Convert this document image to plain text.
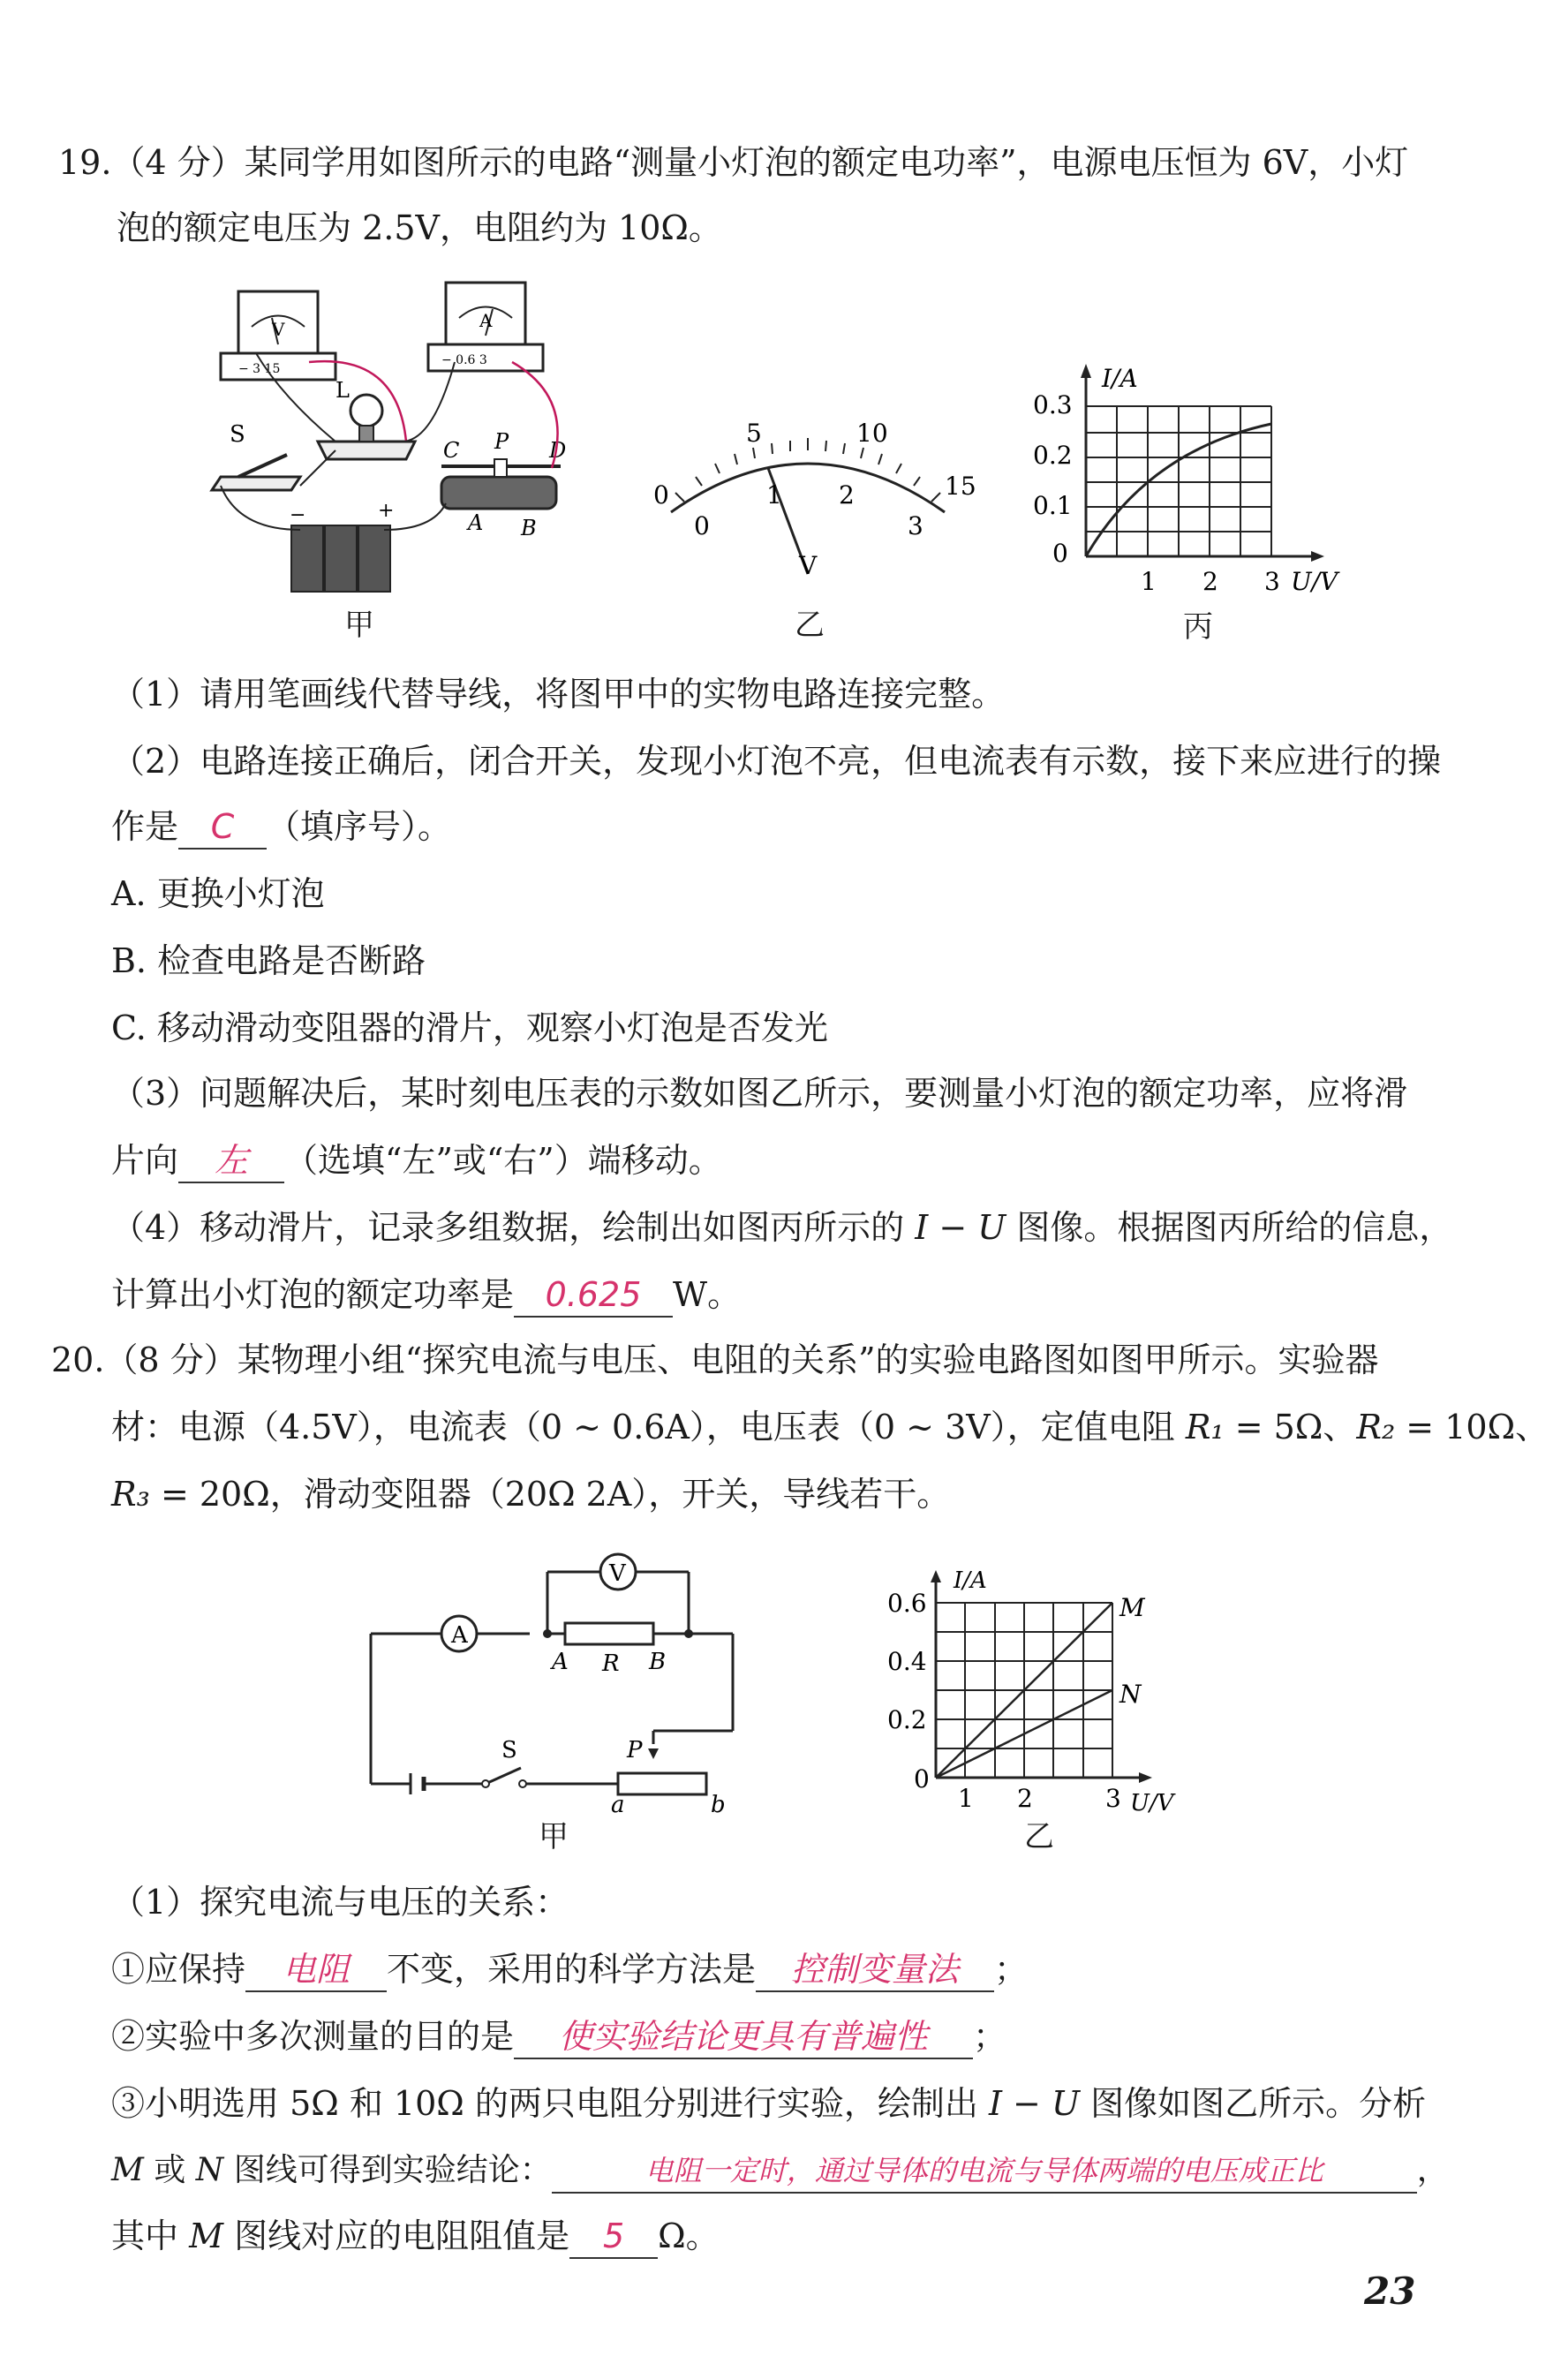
19.（4 分）某同学用如图所示的电路“测量小灯泡的额定电功率”，电源电压恒为 6V，小灯
泡的额定电压为 2.5V，电阻约为 10Ω。
V
− 3 15
A
− 0.6 3
L
S
C P D
A B
−	+
甲
0
5	10
15
0
1 2
3
V
乙
I/A
0.3
0.2
0.1
0
1 2 3 U/V
丙
（1）请用笔画线代替导线，将图甲中的实物电路连接完整。
（2）电路连接正确后，闭合开关，发现小灯泡不亮，但电流表有示数，接下来应进行的操
作是 C （填序号）。
A. 更换小灯泡
B. 检查电路是否断路
C. 移动滑动变阻器的滑片，观察小灯泡是否发光
（3）问题解决后，某时刻电压表的示数如图乙所示，要测量小灯泡的额定功率，应将滑
片向 左 （选填“左”或“右”）端移动。
（4）移动滑片，记录多组数据，绘制出如图丙所示的 I − U 图像。根据图丙所给的信息，
计算出小灯泡的额定功率是 0.625 W。
20.（8 分）某物理小组“探究电流与电压、电阻的关系”的实验电路图如图甲所示。实验器
材：电源（4.5V），电流表（0 ~ 0.6A），电压表（0 ~ 3V），定值电阻 R₁ = 5Ω、R₂ = 10Ω、
R₃ = 20Ω，滑动变阻器（20Ω 2A），开关，导线若干。
V
A
A R B
S	P
a	b
甲
I/A
0.6
0.4
0.2
0
1 2	3 U/V
M
N
乙
（1）探究电流与电压的关系：
①应保持 电阻 不变，采用的科学方法是 控制变量法 ；
②实验中多次测量的目的是 使实验结论更具有普遍性 ；
③小明选用 5Ω 和 10Ω 的两只电阻分别进行实验，绘制出 I − U 图像如图乙所示。分析
M 或 N 图线可得到实验结论：	电阻一定时，通过导体的电流与导体两端的电压成正比	，
其中 M 图线对应的电阻阻值是 5 Ω。
23
